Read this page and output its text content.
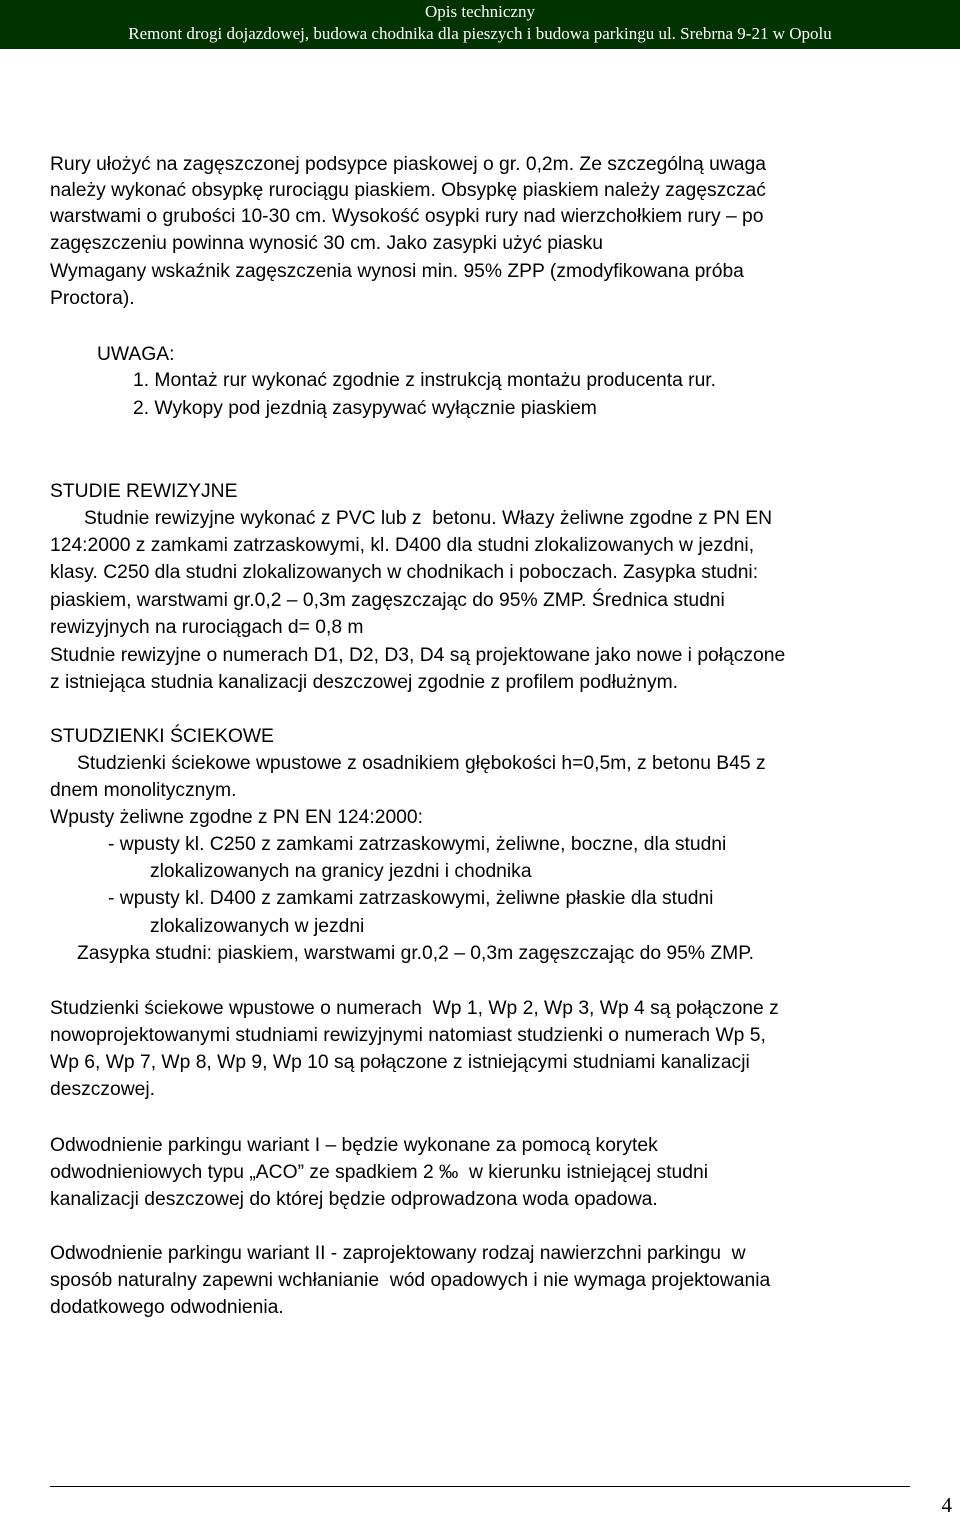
Opis techniczny
Remont drogi dojazdowej, budowa chodnika dla pieszych i budowa parkingu ul. Srebrna 9-21 w Opolu
Rury ułożyć na zagęszczonej podsypce piaskowej o gr. 0,2m. Ze szczególną uwaga
należy wykonać obsypkę rurociągu piaskiem. Obsypkę piaskiem należy zagęszczać
warstwami o grubości 10-30 cm. Wysokość osypki rury nad wierzchołkiem rury – po
zagęszczeniu powinna wynosić 30 cm. Jako zasypki użyć piasku
Wymagany wskaźnik zagęszczenia wynosi min. 95% ZPP (zmodyfikowana próba
Proctora).
UWAGA:
1. Montaż rur wykonać zgodnie z instrukcją montażu producenta rur.
2. Wykopy pod jezdnią zasypywać wyłącznie piaskiem
STUDIE REWIZYJNE
Studnie rewizyjne wykonać z PVC lub z  betonu. Włazy żeliwne zgodne z PN EN
124:2000 z zamkami zatrzaskowymi, kl. D400 dla studni zlokalizowanych w jezdni,
klasy. C250 dla studni zlokalizowanych w chodnikach i poboczach. Zasypka studni:
piaskiem, warstwami gr.0,2 – 0,3m zagęszczając do 95% ZMP. Średnica studni
rewizyjnych na rurociągach d= 0,8 m
Studnie rewizyjne o numerach D1, D2, D3, D4 są projektowane jako nowe i połączone
z istniejąca studnia kanalizacji deszczowej zgodnie z profilem podłużnym.
STUDZIENKI ŚCIEKOWE
Studzienki ściekowe wpustowe z osadnikiem głębokości h=0,5m, z betonu B45 z
dnem monolitycznym.
Wpusty żeliwne zgodne z PN EN 124:2000:
- wpusty kl. C250 z zamkami zatrzaskowymi, żeliwne, boczne, dla studni
zlokalizowanych na granicy jezdni i chodnika
- wpusty kl. D400 z zamkami zatrzaskowymi, żeliwne płaskie dla studni
zlokalizowanych w jezdni
Zasypka studni: piaskiem, warstwami gr.0,2 – 0,3m zagęszczając do 95% ZMP.
Studzienki ściekowe wpustowe o numerach  Wp 1, Wp 2, Wp 3, Wp 4 są połączone z
nowoprojektowanymi studniami rewizyjnymi natomiast studzienki o numerach Wp 5,
Wp 6, Wp 7, Wp 8, Wp 9, Wp 10 są połączone z istniejącymi studniami kanalizacji
deszczowej.
Odwodnienie parkingu wariant I – będzie wykonane za pomocą korytek
odwodnieniowych typu „ACO” ze spadkiem 2 ‰  w kierunku istniejącej studni
kanalizacji deszczowej do której będzie odprowadzona woda opadowa.
Odwodnienie parkingu wariant II - zaprojektowany rodzaj nawierzchni parkingu  w
sposób naturalny zapewni wchłanianie  wód opadowych i nie wymaga projektowania
dodatkowego odwodnienia.
4
